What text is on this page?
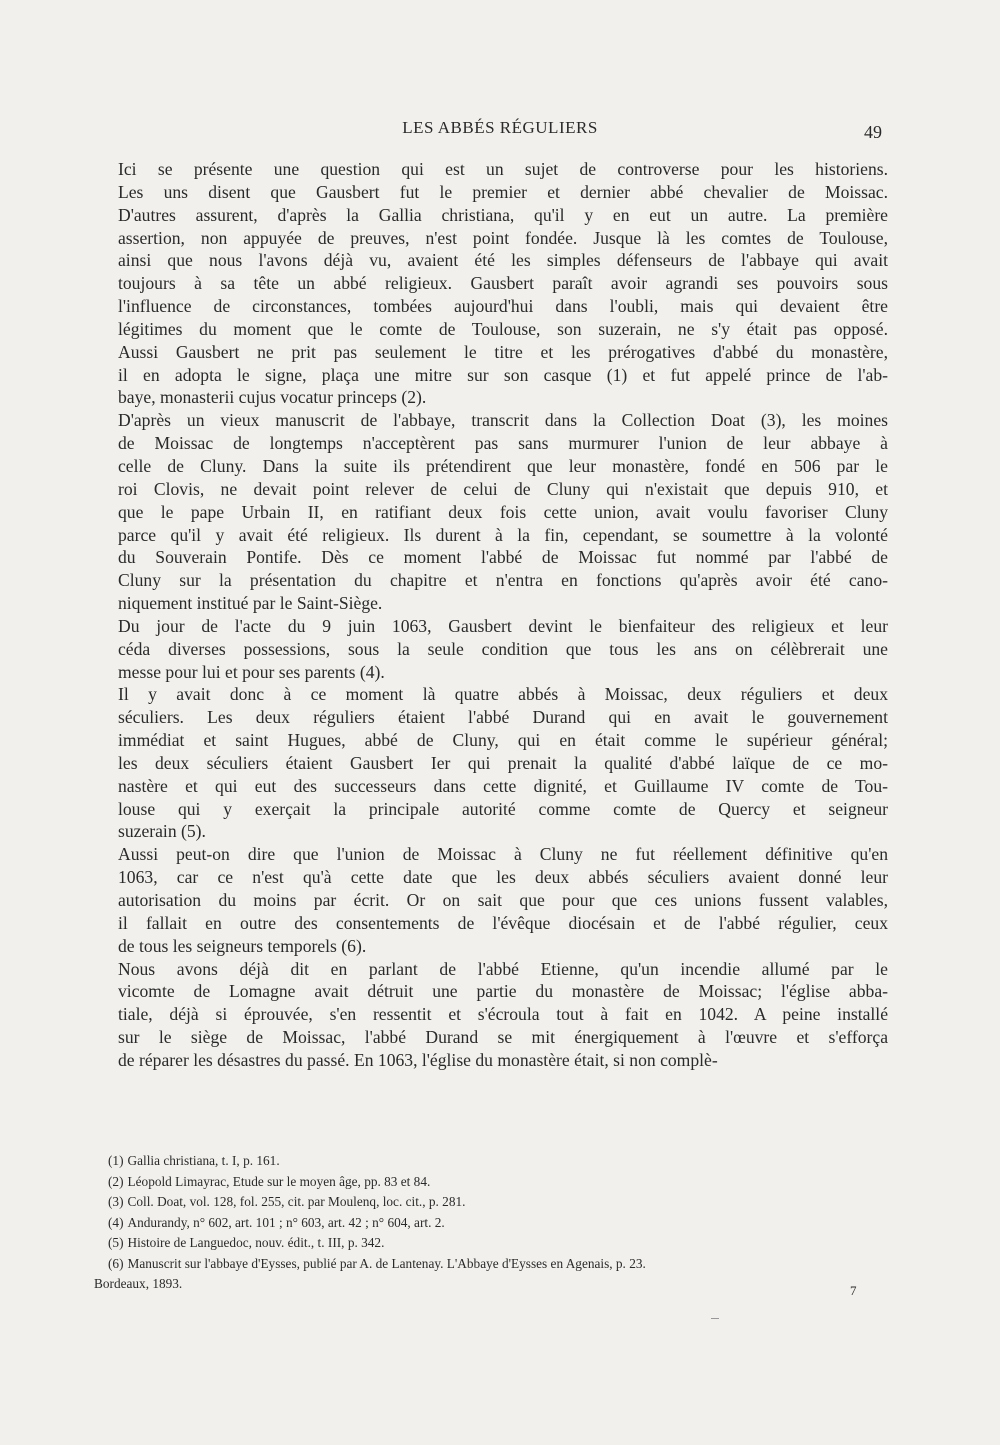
LES ABBÉS RÉGULIERS	49

Ici se présente une question qui est un sujet de controverse pour les historiens.

Les uns disent que Gausbert fut le premier et dernier abbé chevalier de Moissac.

D'autres assurent, d'après la Gallia christiana, qu'il y en eut un autre. La première

assertion, non appuyée de preuves, n'est point fondée. Jusque là les comtes de Toulouse,

ainsi que nous l'avons déjà vu, avaient été les simples défenseurs de l'abbaye qui avait

toujours à sa tête un abbé religieux. Gausbert paraît avoir agrandi ses pouvoirs sous

l'influence de circonstances, tombées aujourd'hui dans l'oubli, mais qui devaient être

légitimes du moment que le comte de Toulouse, son suzerain, ne s'y était pas opposé.

Aussi Gausbert ne prit pas seulement le titre et les prérogatives d'abbé du monastère,

il en adopta le signe, plaça une mitre sur son casque (1) et fut appelé prince de l'ab-

baye, monasterii cujus vocatur princeps (2).

D'après un vieux manuscrit de l'abbaye, transcrit dans la Collection Doat (3), les moines

de Moissac de longtemps n'acceptèrent pas sans murmurer l'union de leur abbaye à

celle de Cluny. Dans la suite ils prétendirent que leur monastère, fondé en 506 par le

roi Clovis, ne devait point relever de celui de Cluny qui n'existait que depuis 910, et

que le pape Urbain II, en ratifiant deux fois cette union, avait voulu favoriser Cluny

parce qu'il y avait été religieux. Ils durent à la fin, cependant, se soumettre à la volonté

du Souverain Pontife. Dès ce moment l'abbé de Moissac fut nommé par l'abbé de

Cluny sur la présentation du chapitre et n'entra en fonctions qu'après avoir été cano-

niquement institué par le Saint-Siège.

Du jour de l'acte du 9 juin 1063, Gausbert devint le bienfaiteur des religieux et leur

céda diverses possessions, sous la seule condition que tous les ans on célèbrerait une

messe pour lui et pour ses parents (4).

Il y avait donc à ce moment là quatre abbés à Moissac, deux réguliers et deux

séculiers. Les deux réguliers étaient l'abbé Durand qui en avait le gouvernement

immédiat et saint Hugues, abbé de Cluny, qui en était comme le supérieur général;

les deux séculiers étaient Gausbert Ier qui prenait la qualité d'abbé laïque de ce mo-

nastère et qui eut des successeurs dans cette dignité, et Guillaume IV comte de Tou-

louse qui y exerçait la principale autorité comme comte de Quercy et seigneur

suzerain (5).

Aussi peut-on dire que l'union de Moissac à Cluny ne fut réellement définitive qu'en

1063, car ce n'est qu'à cette date que les deux abbés séculiers avaient donné leur

autorisation du moins par écrit. Or on sait que pour que ces unions fussent valables,

il fallait en outre des consentements de l'évêque diocésain et de l'abbé régulier, ceux

de tous les seigneurs temporels (6).

Nous avons déjà dit en parlant de l'abbé Etienne, qu'un incendie allumé par le

vicomte de Lomagne avait détruit une partie du monastère de Moissac; l'église abba-

tiale, déjà si éprouvée, s'en ressentit et s'écroula tout à fait en 1042. A peine installé

sur le siège de Moissac, l'abbé Durand se mit énergiquement à l'œuvre et s'efforça

de réparer les désastres du passé. En 1063, l'église du monastère était, si non complè-

(1) Gallia christiana, t. I, p. 161.
(2) Léopold Limayrac, Etude sur le moyen âge, pp. 83 et 84.
(3) Coll. Doat, vol. 128, fol. 255, cit. par Moulenq, loc. cit., p. 281.
(4) Andurandy, n° 602, art. 101 ; n° 603, art. 42 ; n° 604, art. 2.
(5) Histoire de Languedoc, nouv. édit., t. III, p. 342.
(6) Manuscrit sur l'abbaye d'Eysses, publié par A. de Lantenay. L'Abbaye d'Eysses en Agenais, p. 23.
Bordeaux, 1893.	7
